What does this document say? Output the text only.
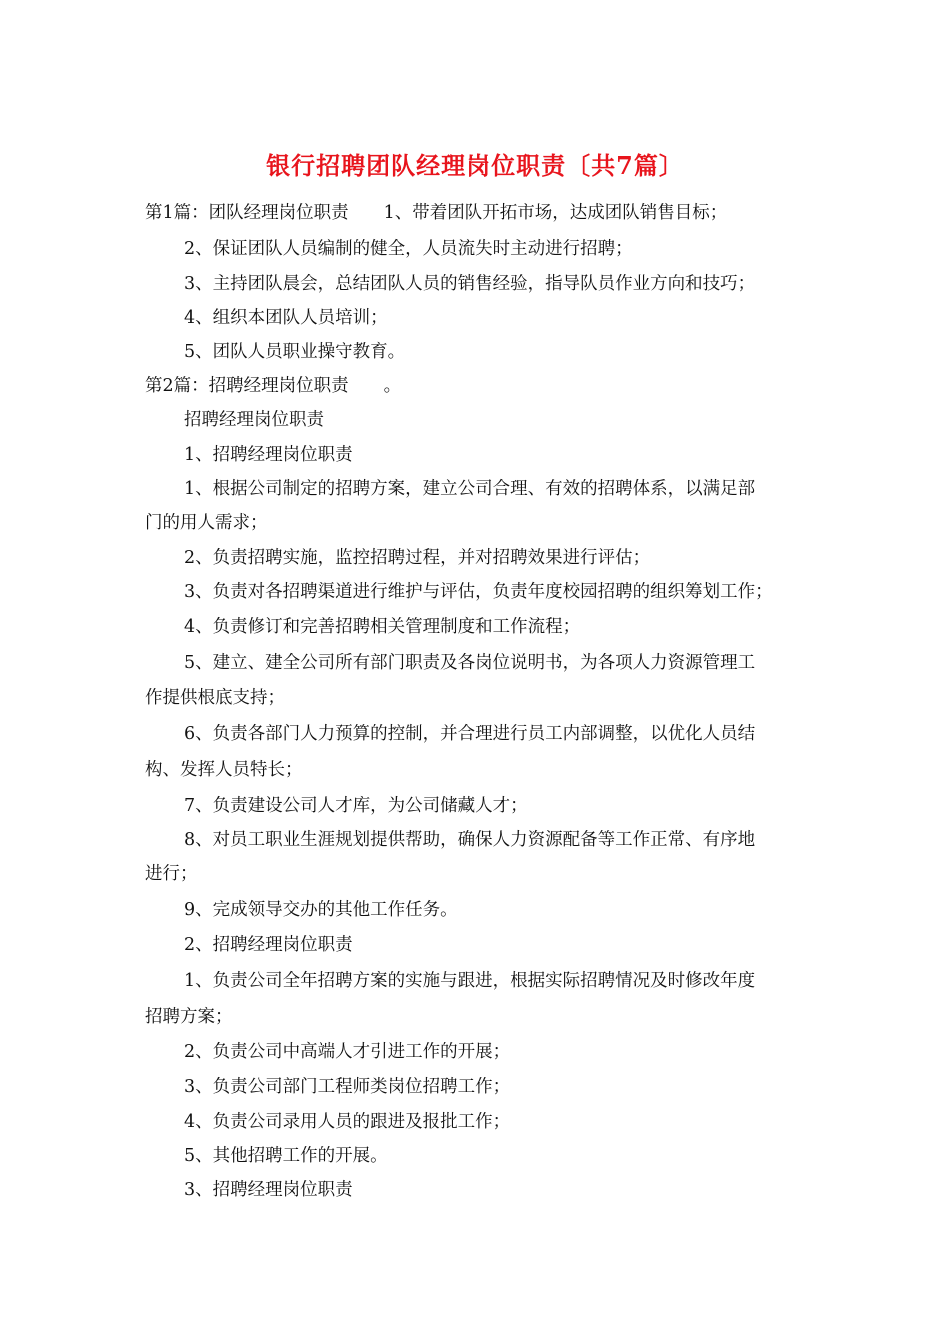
银行招聘团队经理岗位职责〔共7篇〕
第1篇：团队经理岗位职责　　1、带着团队开拓市场，达成团队销售目标；
2、保证团队人员编制的健全，人员流失时主动进行招聘；
3、主持团队晨会，总结团队人员的销售经验，指导队员作业方向和技巧；
4、组织本团队人员培训；
5、团队人员职业操守教育。
第2篇：招聘经理岗位职责　　。
招聘经理岗位职责
1、招聘经理岗位职责
1、根据公司制定的招聘方案，建立公司合理、有效的招聘体系，以满足部
门的用人需求；
2、负责招聘实施，监控招聘过程，并对招聘效果进行评估；
3、负责对各招聘渠道进行维护与评估，负责年度校园招聘的组织筹划工作；
4、负责修订和完善招聘相关管理制度和工作流程；
5、建立、建全公司所有部门职责及各岗位说明书，为各项人力资源管理工
作提供根底支持；
6、负责各部门人力预算的控制，并合理进行员工内部调整，以优化人员结
构、发挥人员特长；
7、负责建设公司人才库，为公司储藏人才；
8、对员工职业生涯规划提供帮助，确保人力资源配备等工作正常、有序地
进行；
9、完成领导交办的其他工作任务。
2、招聘经理岗位职责
1、负责公司全年招聘方案的实施与跟进，根据实际招聘情况及时修改年度
招聘方案；
2、负责公司中高端人才引进工作的开展；
3、负责公司部门工程师类岗位招聘工作；
4、负责公司录用人员的跟进及报批工作；
5、其他招聘工作的开展。
3、招聘经理岗位职责
